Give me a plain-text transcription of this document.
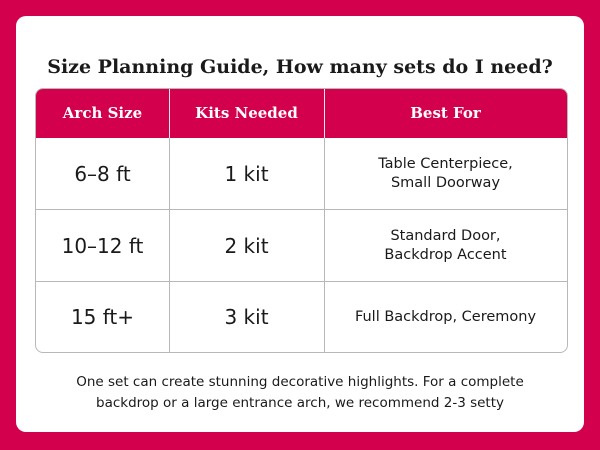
Size Planning Guide, How many sets do I need?
Arch Size	Kits Needed	Best For
6–8 ft	1 kit	Table Centerpiece,
Small Doorway
10–12 ft	2 kit	Standard Door,
Backdrop Accent
15 ft+	3 kit	Full Backdrop, Ceremony
One set can create stunning decorative highlights. For a complete
backdrop or a large entrance arch, we recommend 2-3 setty
